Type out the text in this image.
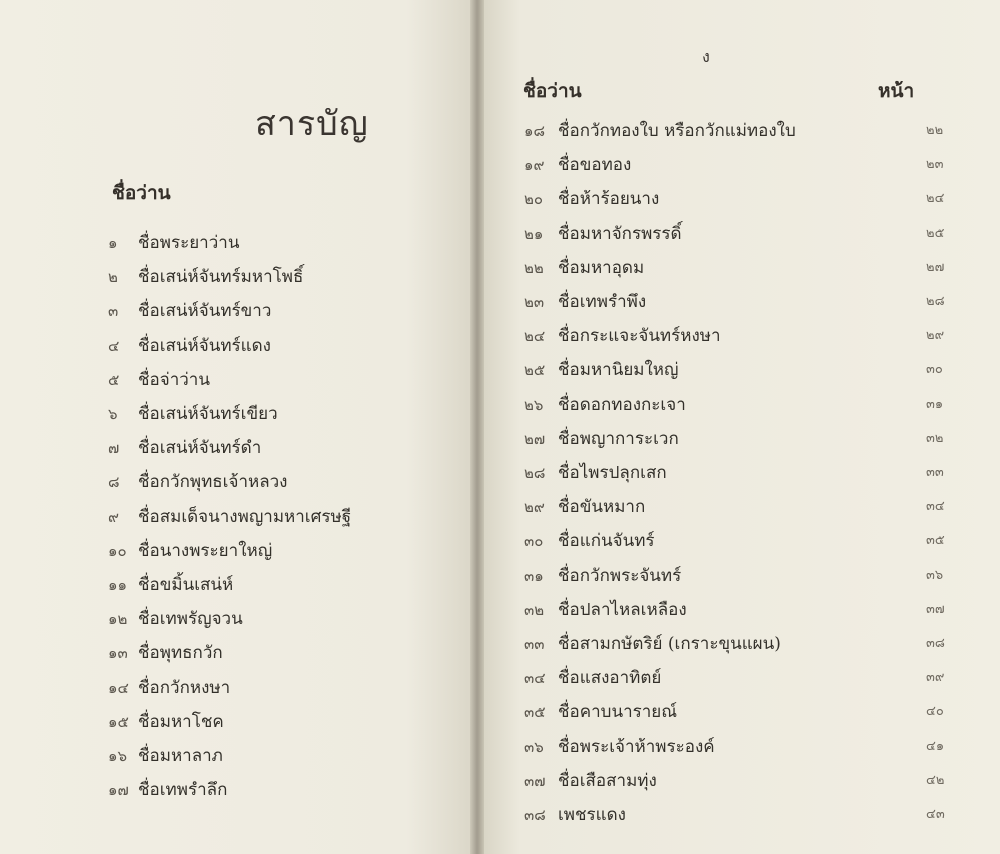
สารบัญ
ชื่อว่าน
๑ ชื่อพระยาว่าน
๒ ชื่อเสน่ห์จันทร์มหาโพธิ์
๓ ชื่อเสน่ห์จันทร์ขาว
๔ ชื่อเสน่ห์จันทร์แดง
๕ ชื่อจ่าว่าน
๖ ชื่อเสน่ห์จันทร์เขียว
๗ ชื่อเสน่ห์จันทร์ดำ
๘ ชื่อกวักพุทธเจ้าหลวง
๙ ชื่อสมเด็จนางพญามหาเศรษฐี
๑๐ ชื่อนางพระยาใหญ่
๑๑ ชื่อขมิ้นเสน่ห์
๑๒ ชื่อเทพรัญจวน
๑๓ ชื่อพุทธกวัก
๑๔ ชื่อกวักหงษา
๑๕ ชื่อมหาโชค
๑๖ ชื่อมหาลาภ
๑๗ ชื่อเทพรำลึก
๑๘ ชื่อกวักทองใบ หรือกวักแม่ทองใบ	๒๒
๑๙ ชื่อขอทอง	๒๓
๒๐ ชื่อห้าร้อยนาง	๒๔
๒๑ ชื่อมหาจักรพรรดิ์	๒๕
๒๒ ชื่อมหาอุดม	๒๗
๒๓ ชื่อเทพรำพึง	๒๘
๒๔ ชื่อกระแจะจันทร์หงษา	๒๙
๒๕ ชื่อมหานิยมใหญ่	๓๐
๒๖ ชื่อดอกทองกะเจา	๓๑
๒๗ ชื่อพญาการะเวก	๓๒
๒๘ ชื่อไพรปลุกเสก	๓๓
๒๙ ชื่อขันหมาก	๓๔
๓๐ ชื่อแก่นจันทร์	๓๕
๓๑ ชื่อกวักพระจันทร์	๓๖
๓๒ ชื่อปลาไหลเหลือง	๓๗
๓๓ ชื่อสามกษัตริย์ (เกราะขุนแผน)	๓๘
๓๔ ชื่อแสงอาทิตย์	๓๙
๓๕ ชื่อคาบนารายณ์	๔๐
๓๖ ชื่อพระเจ้าห้าพระองค์	๔๑
๓๗ ชื่อเสือสามทุ่ง	๔๒
๓๘ เพชรแดง	๔๓
ง
ชื่อว่าน	หน้า
